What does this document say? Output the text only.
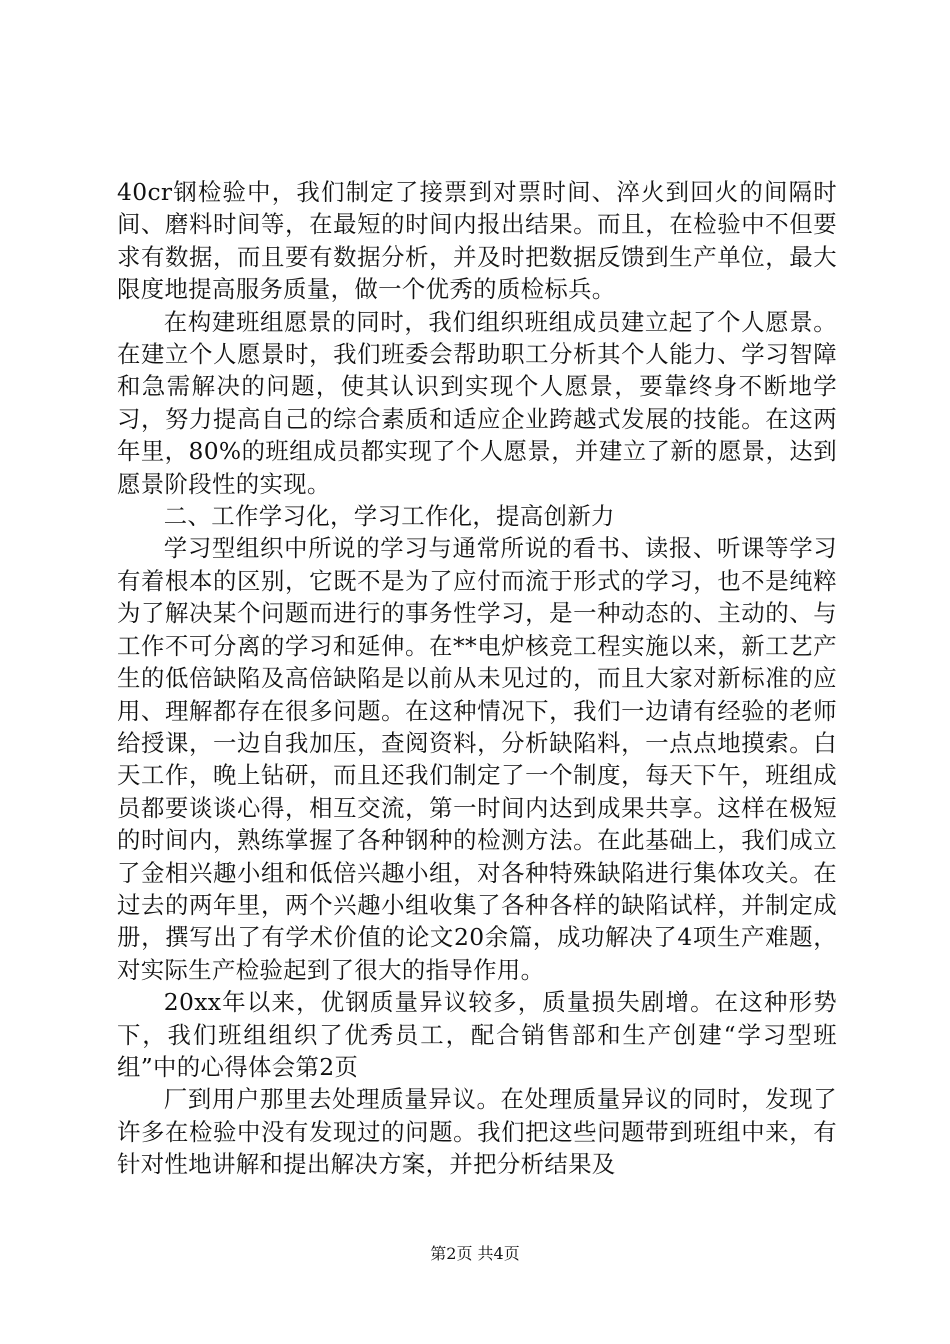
40cr钢检验中，我们制定了接票到对票时间、淬火到回火的间隔时间、磨料时间等，在最短的时间内报出结果。而且，在检验中不但要求有数据，而且要有数据分析，并及时把数据反馈到生产单位，最大限度地提高服务质量，做一个优秀的质检标兵。

在构建班组愿景的同时，我们组织班组成员建立起了个人愿景。在建立个人愿景时，我们班委会帮助职工分析其个人能力、学习智障和急需解决的问题，使其认识到实现个人愿景，要靠终身不断地学习，努力提高自己的综合素质和适应企业跨越式发展的技能。在这两年里，80%的班组成员都实现了个人愿景，并建立了新的愿景，达到愿景阶段性的实现。

二、工作学习化，学习工作化，提高创新力

学习型组织中所说的学习与通常所说的看书、读报、听课等学习有着根本的区别，它既不是为了应付而流于形式的学习，也不是纯粹为了解决某个问题而进行的事务性学习，是一种动态的、主动的、与工作不可分离的学习和延伸。在**电炉核竞工程实施以来，新工艺产生的低倍缺陷及高倍缺陷是以前从未见过的，而且大家对新标准的应用、理解都存在很多问题。在这种情况下，我们一边请有经验的老师给授课，一边自我加压，查阅资料，分析缺陷料，一点点地摸索。白天工作，晚上钻研，而且还我们制定了一个制度，每天下午，班组成员都要谈谈心得，相互交流，第一时间内达到成果共享。这样在极短的时间内，熟练掌握了各种钢种的检测方法。在此基础上，我们成立了金相兴趣小组和低倍兴趣小组，对各种特殊缺陷进行集体攻关。在过去的两年里，两个兴趣小组收集了各种各样的缺陷试样，并制定成册，撰写出了有学术价值的论文20余篇，成功解决了4项生产难题，对实际生产检验起到了很大的指导作用。

20xx年以来，优钢质量异议较多，质量损失剧增。在这种形势下，我们班组组织了优秀员工，配合销售部和生产创建“学习型班组”中的心得体会第2页

厂到用户那里去处理质量异议。在处理质量异议的同时，发现了许多在检验中没有发现过的问题。我们把这些问题带到班组中来，有针对性地讲解和提出解决方案，并把分析结果及

第2页 共4页
